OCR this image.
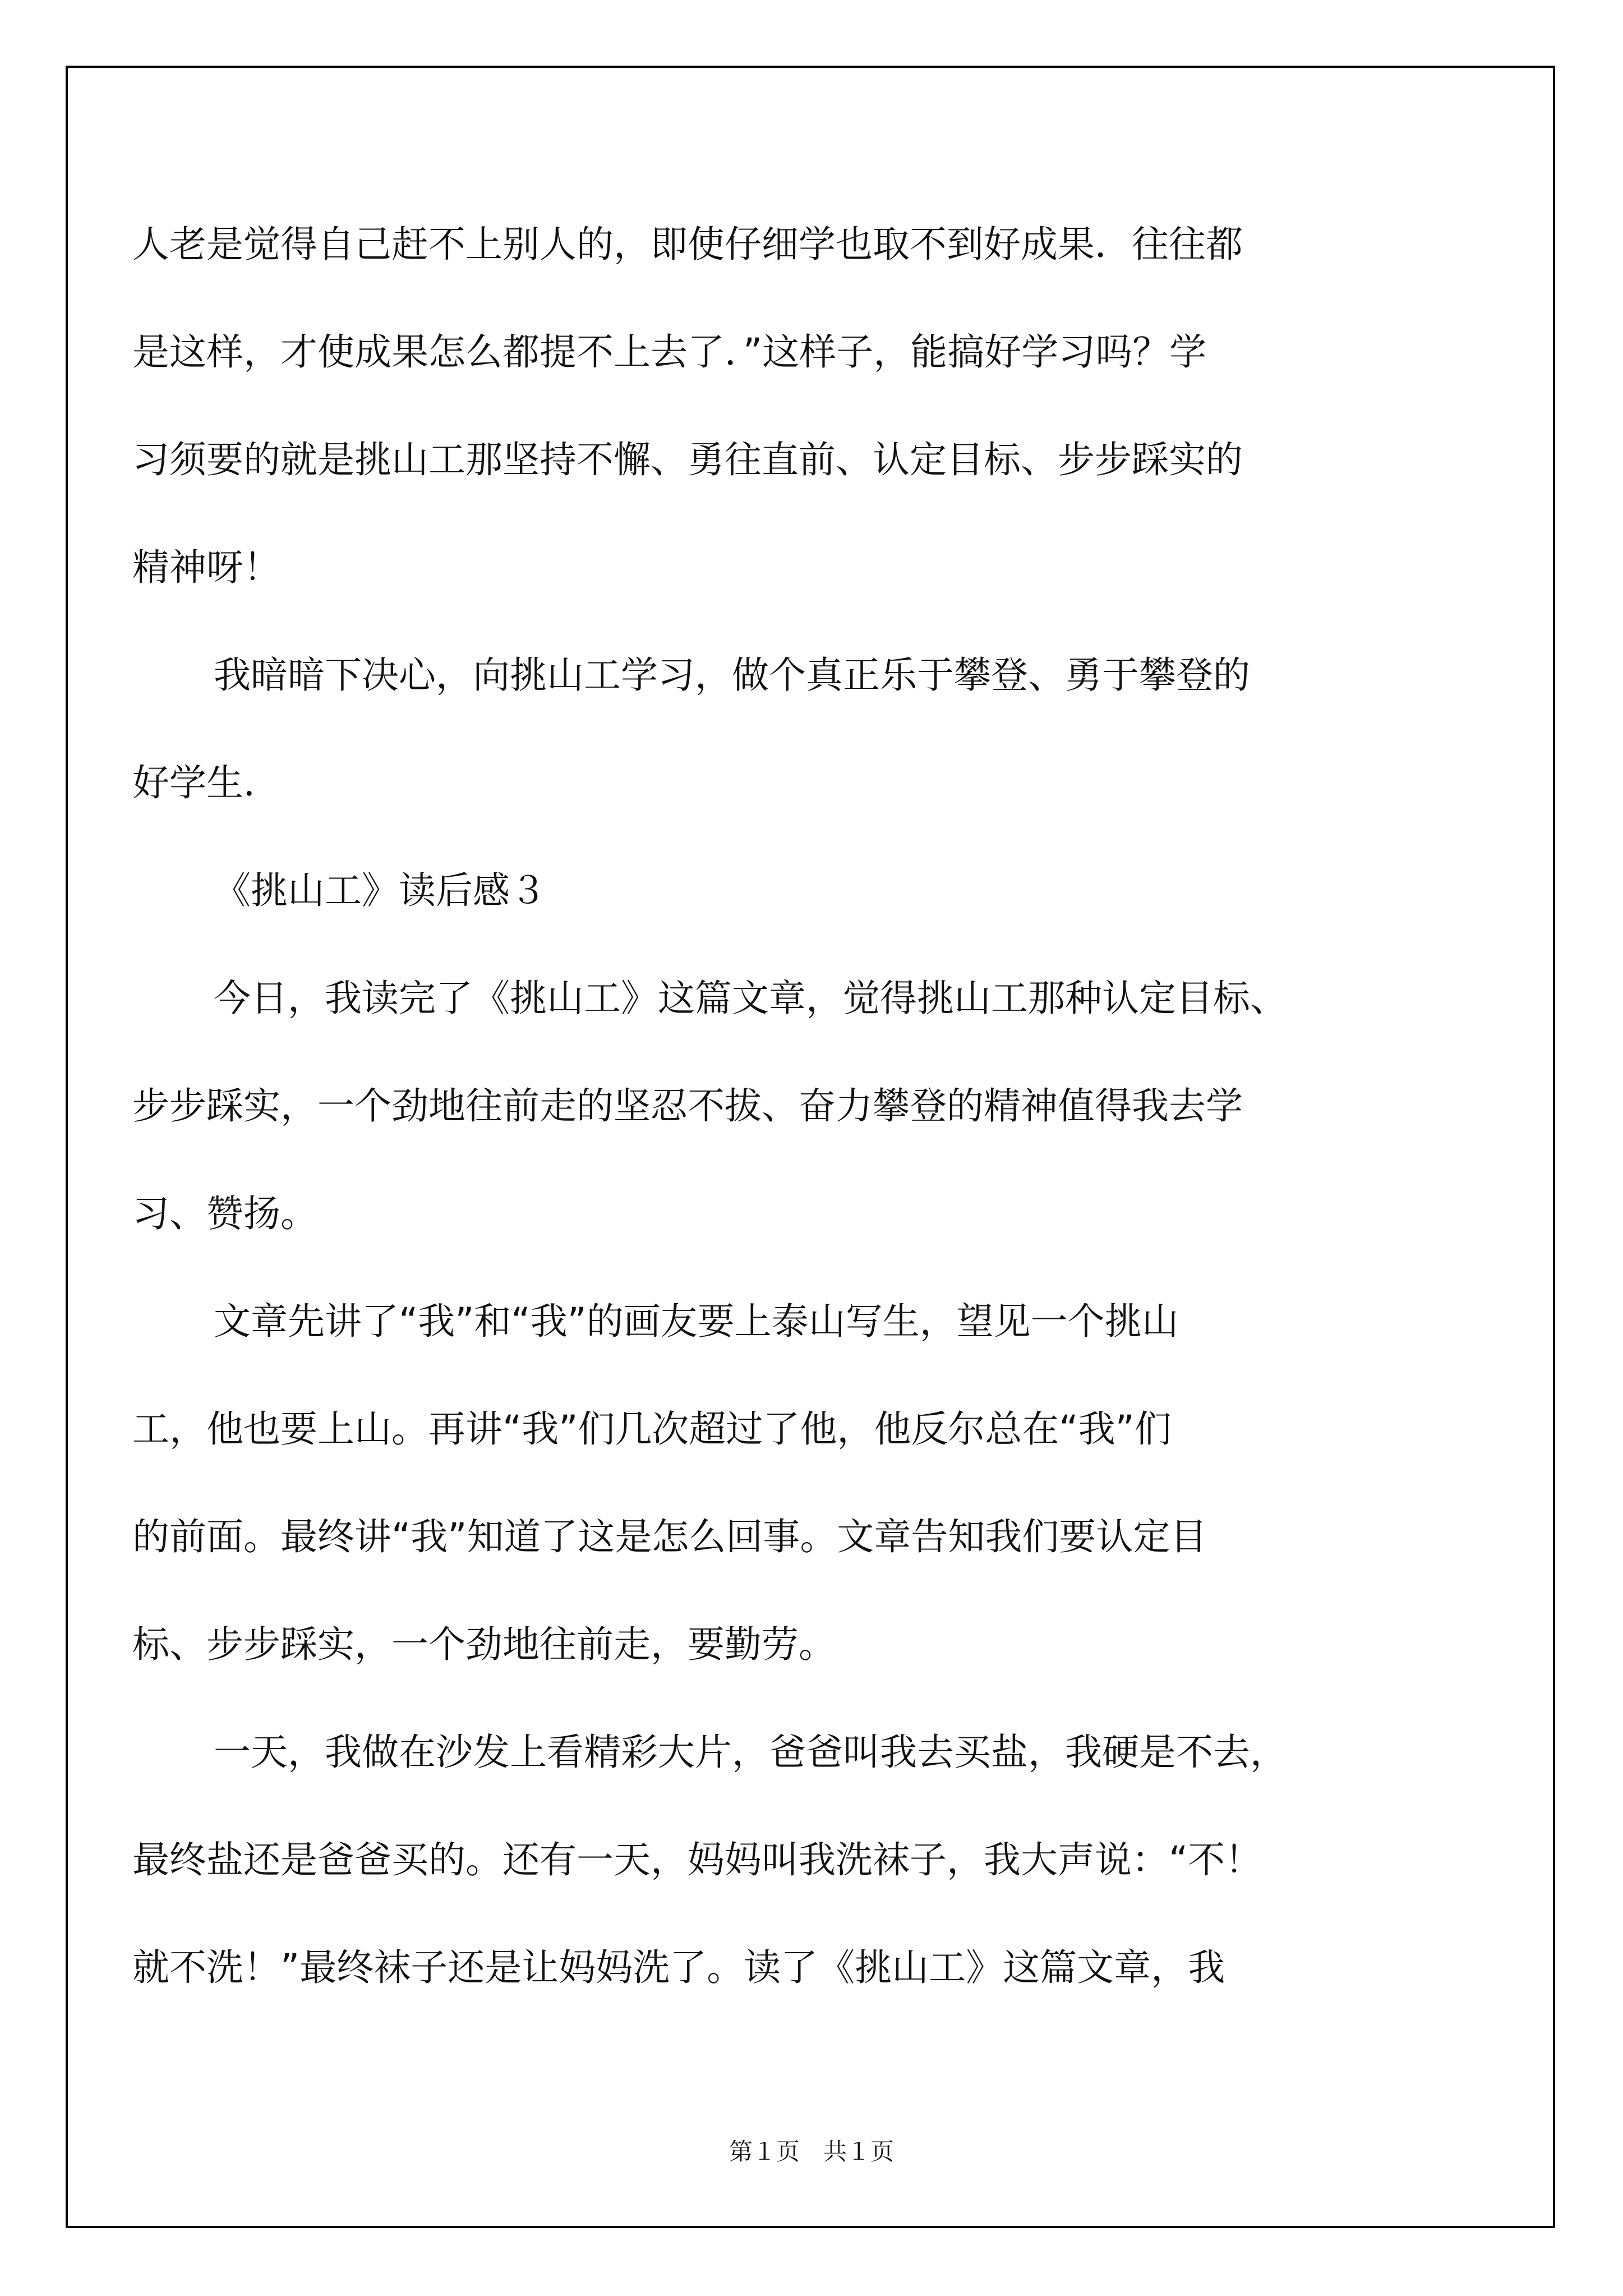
人老是觉得自己赶不上别人的，即使仔细学也取不到好成果．往往都
是这样，才使成果怎么都提不上去了．”这样子，能搞好学习吗？学
习须要的就是挑山工那坚持不懈、勇往直前、认定目标、步步踩实的
精神呀！

我暗暗下决心，向挑山工学习，做个真正乐于攀登、勇于攀登的
好学生．

《挑山工》读后感３

今日，我读完了《挑山工》这篇文章，觉得挑山工那种认定目标、
步步踩实，一个劲地往前走的坚忍不拔、奋力攀登的精神值得我去学
习、赞扬。

文章先讲了“我”和“我”的画友要上泰山写生，望见一个挑山
工，他也要上山。再讲“我”们几次超过了他，他反尔总在“我”们
的前面。最终讲“我”知道了这是怎么回事。文章告知我们要认定目
标、步步踩实，一个劲地往前走，要勤劳。

一天，我做在沙发上看精彩大片，爸爸叫我去买盐，我硬是不去，
最终盐还是爸爸买的。还有一天，妈妈叫我洗袜子，我大声说：“不！
就不洗！”最终袜子还是让妈妈洗了。读了《挑山工》这篇文章，我

第１页　共１页
